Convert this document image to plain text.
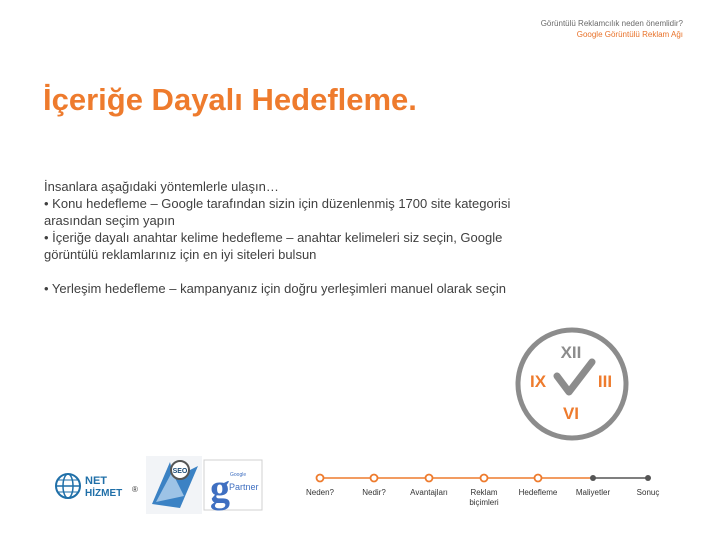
Görüntülü Reklamcılık neden önemlidir?
Google Görüntülü Reklam Ağı
İçeriğe Dayalı Hedefleme.

İnsanlara aşağıdaki yöntemlerle ulaşın…

• Konu hedefleme – Google tarafından sizin için düzenlenmiş 1700 site kategorisi arasından seçim yapın

• İçeriğe dayalı anahtar kelime hedefleme – anahtar kelimeleri siz seçin, Google görüntülü reklamlarınız için en iyi siteleri bulsun

• Yerleşim hedefleme – kampanyanız için doğru yerleşimleri manuel olarak seçin

XII
IX	III
VI
NET
HİZMET ®
SEO g Google
Partner
Neden?	Nedir?	Avantajları	Reklam biçimleri
Hedefleme Maliyetler	Sonuç
